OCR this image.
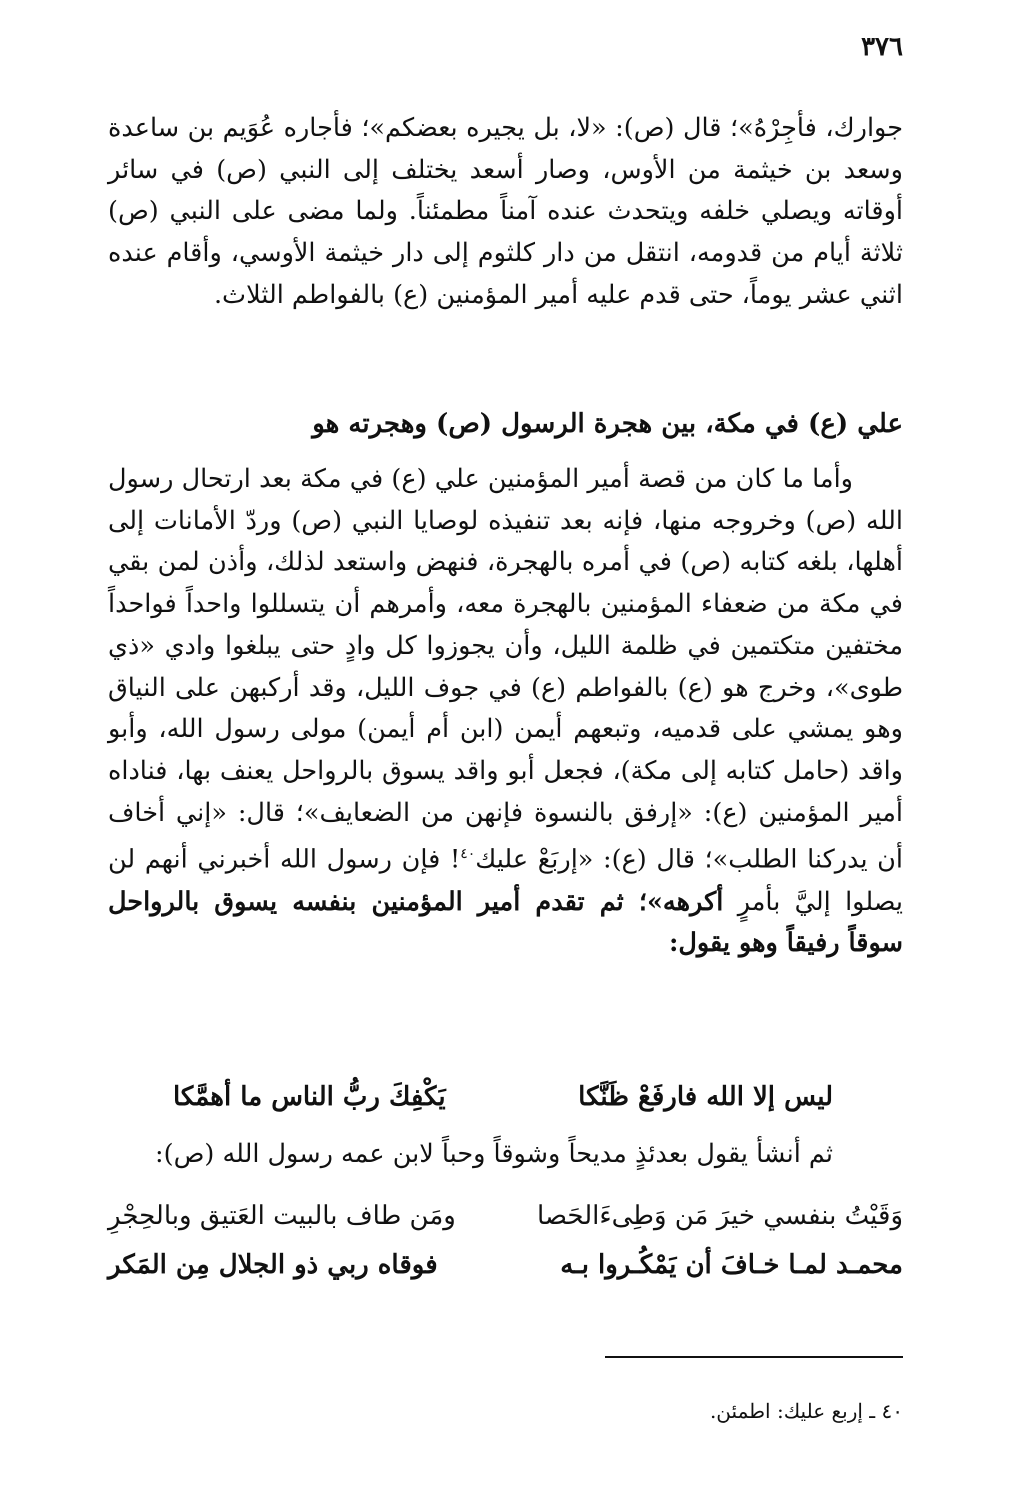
٣٧٦
جوارك، فأجِرْهُ»؛ قال (ص): «لا، بل يجيره بعضكم»؛ فأجاره عُوَيم بن ساعدة وسعد بن خيثمة من الأوس، وصار أسعد يختلف إلى النبي (ص) في سائر أوقاته ويصلي خلفه ويتحدث عنده آمناً مطمئناً. ولما مضى على النبي (ص) ثلاثة أيام من قدومه، انتقل من دار كلثوم إلى دار خيثمة الأوسي، وأقام عنده اثني عشر يوماً، حتى قدم عليه أمير المؤمنين (ع) بالفواطم الثلاث.
علي (ع) في مكة، بين هجرة الرسول (ص) وهجرته هو
وأما ما كان من قصة أمير المؤمنين علي (ع) في مكة بعد ارتحال رسول الله (ص) وخروجه منها، فإنه بعد تنفيذه لوصايا النبي (ص) وردّ الأمانات إلى أهلها، بلغه كتابه (ص) في أمره بالهجرة، فنهض واستعد لذلك، وأذن لمن بقي في مكة من ضعفاء المؤمنين بالهجرة معه، وأمرهم أن يتسللوا واحداً فواحداً مختفين متكتمين في ظلمة الليل، وأن يجوزوا كل وادٍ حتى يبلغوا وادي «ذي طوى»، وخرج هو (ع) بالفواطم (ع) في جوف الليل، وقد أركبهن على النياق وهو يمشي على قدميه، وتبعهم أيمن (ابن أم أيمن) مولى رسول الله، وأبو واقد (حامل كتابه إلى مكة)، فجعل أبو واقد يسوق بالرواحل يعنف بها، فناداه أمير المؤمنين (ع): «إرفق بالنسوة فإنهن من الضعايف»؛ قال: «إني أخاف أن يدركنا الطلب»؛ قال (ع): «إربَعْ عليك$^{٤٠}$! فإن رسول الله أخبرني أنهم لن يصلوا إليَّ بأمرٍ أكرهه»؛ ثم تقدم أمير المؤمنين بنفسه يسوق بالرواحل سوقاً رفيقاً وهو يقول:
ليس إلا الله فارفَعْ ظَنَّكا
يَكْفِكَ ربُّ الناس ما أهمَّكا
ثم أنشأ يقول بعدئذٍ مديحاً وشوقاً وحباً لابن عمه رسول الله (ص):
وَقَيْتُ بنفسي خيرَ مَن وَطِىءَالحَصا
ومَن طاف بالبيت العَتيق وبالحِجْرِ
محمـد لمـا خـافَ أن يَمْكُـروا بـه
فوقاه ربي ذو الجلال مِن المَكر
٤٠ ـ إربع عليك: اطمئن.
